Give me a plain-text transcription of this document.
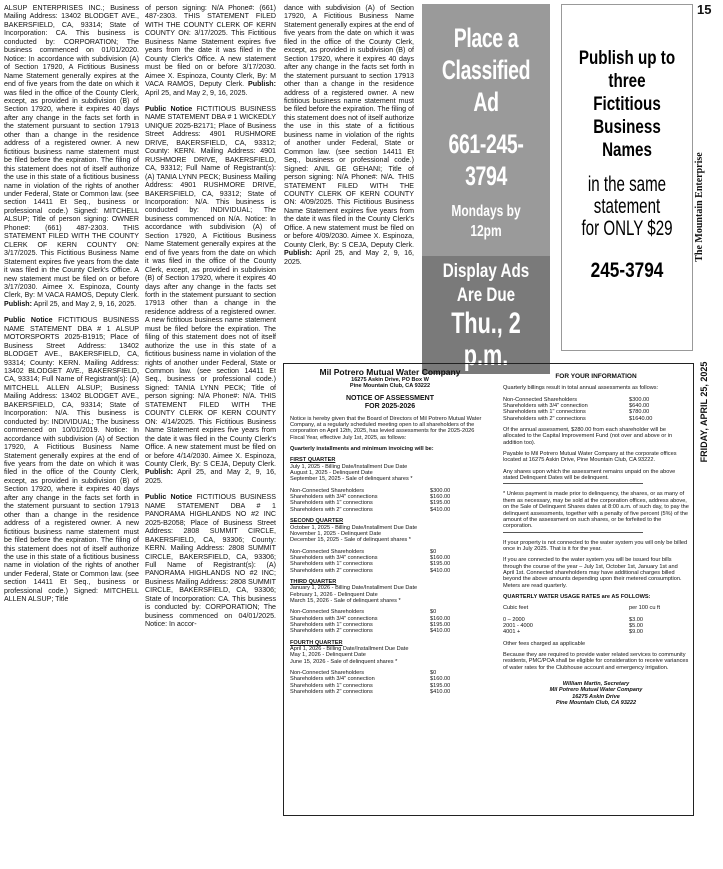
ALSUP ENTERPRISES INC.; Business Mailing Address: 13402 BLODGET AVE., BAKERSFIELD, CA, 93314; State of Incorporation: CA. This business is conducted by: CORPORATION; The business commenced on 01/01/2020. Notice: In accordance with subdivision (A) of Section 17920, A Fictitious Business Name Statement generally expires at the end of five years from the date on which it was filed in the office of the County Clerk, except, as provided in subdivision (B) of Section 17920, where it expires 40 days after any change in the facts set forth in the statement pursuant to section 17913 other than a change in the residence address of a registered owner. A new fictitious business name statement must be filed before the expiration. The filing of this statement does not of itself authorize the use in this state of a fictitious business name in violation of the rights of another under Federal, State or Common law. (see section 14411 Et Seq., business or professional code.) Signed: MITCHELL ALSUP; Title of person signing: OWNER Phone#: (661) 487-2303. THIS STATEMENT FILED WITH THE COUNTY CLERK OF KERN COUNTY ON: 3/17/2025. This Fictitious Business Name Statement expires five years from the date it was filed in the County Clerk's Office. A new statement must be filed on or before 3/17/2030. Aimee X. Espinoza, County Clerk, By: M VACA RAMOS, Deputy Clerk. Publish: April 25, and May 2, 9, 16, 2025.

Public Notice FICTITIOUS BUSINESS NAME STATEMENT DBA # 1 ALSUP MOTORSPORTS 2025-B1915; Place of Business Street Address: 13402 BLODGET AVE., BAKERSFIELD, CA, 93314; County: KERN. Mailing Address: 13402 BLODGET AVE., BAKERSFIELD, CA, 93314; Full Name of Registrant(s): (A) MITCHELL ALLEN ALSUP; Business Mailing Address: 13402 BLODGET AVE., BAKERSFIELD, CA, 93314; State of Incorporation: N/A. This business is conducted by: INDIVIDUAL; The business commenced on 10/01/2019. Notice: In accordance with subdivision (A) of Section 17920, A Fictitious Business Name Statement generally expires at the end of five years from the date on which it was filed in the office of the County Clerk, except, as provided in subdivision (B) of Section 17920, where it expires 40 days after any change in the facts set forth in the statement pursuant to section 17913 other than a change in the residence address of a registered owner. A new fictitious business name statement must be filed before the expiration. The filing of this statement does not of itself authorize the use in this state of a fictitious business name in violation of the rights of another under Federal, State or Common law. (see section 14411 Et Seq., business or professional code.) Signed: MITCHELL ALLEN ALSUP; Title

of person signing: N/A Phone#: (661) 487-2303. THIS STATEMENT FILED WITH THE COUNTY CLERK OF KERN COUNTY ON: 3/17/2025. This Fictitious Business Name Statement expires five years from the date it was filed in the County Clerk's Office. A new statement must be filed on or before 3/17/2030. Aimee X. Espinoza, County Clerk, By: M VACA RAMOS, Deputy Clerk. Publish: April 25, and May 2, 9, 16, 2025.

Public Notice FICTITIOUS BUSINESS NAME STATEMENT DBA # 1 WICKEDLY UNIQUE 2025-B2171; Place of Business Street Address: 4901 RUSHMORE DRIVE, BAKERSFIELD, CA, 93312; County: KERN. Mailing Address: 4901 RUSHMORE DRIVE, BAKERSFIELD, CA, 93312; Full Name of Registrant(s): (A) TANIA LYNN PECK; Business Mailing Address: 4901 RUSHMORE DRIVE, BAKERSFIELD, CA, 93312; State of Incorporation: N/A. This business is conducted by: INDIVIDUAL; The business commenced on N/A. Notice: In accordance with subdivision (A) of Section 17920, A Fictitious Business Name Statement generally expires at the end of five years from the date on which it was filed in the office of the County Clerk, except, as provided in subdivision (B) of Section 17920, where it expires 40 days after any change in the facts set forth in the statement pursuant to section 17913 other than a change in the residence address of a registered owner. A new fictitious business name statement must be filed before the expiration. The filing of this statement does not of itself authorize the use in this state of a fictitious business name in violation of the rights of another under Federal, State or Common law. (see section 14411 Et Seq., business or professional code.) Signed: TANIA LYNN PECK; Title of person signing: N/A Phone#: N/A. THIS STATEMENT FILED WITH THE COUNTY CLERK OF KERN COUNTY ON: 4/14/2025. This Fictitious Business Name Statement expires five years from the date it was filed in the County Clerk's Office. A new statement must be filed on or before 4/14/2030. Aimee X. Espinoza, County Clerk, By: S CEJA, Deputy Clerk. Publish: April 25, and May 2, 9, 16, 2025.

Public Notice FICTITIOUS BUSINESS NAME STATEMENT DBA # 1 PANORAMA HIGHLANDS NO #2 INC 2025-B2058; Place of Business Street Address: 2808 SUMMIT CIRCLE, BAKERSFIELD, CA, 93306; County: KERN. Mailing Address: 2808 SUMMIT CIRCLE, BAKERSFIELD, CA, 93306; Full Name of Registrant(s): (A) PANORAMA HIGHLANDS NO #2 INC; Business Mailing Address: 2808 SUMMIT CIRCLE, BAKERSFIELD, CA, 93306; State of Incorporation: CA. This business is conducted by: CORPORATION; The business commenced on 04/01/2025. Notice: In accor-

dance with subdivision (A) of Section 17920, A Fictitious Business Name Statement generally expires at the end of five years from the date on which it was filed in the office of the County Clerk, except, as provided in subdivision (B) of Section 17920, where it expires 40 days after any change in the facts set forth in the statement pursuant to section 17913 other than a change in the residence address of a registered owner. A new fictitious business name statement must be filed before the expiration. The filing of this statement does not of itself authorize the use in this state of a fictitious business name in violation of the rights of another under Federal, State or Common law. (see section 14411 Et Seq., business or professional code.) Signed: ANIL GE GEHANI; Title of person signing: N/A Phone#: N/A. THIS STATEMENT FILED WITH THE COUNTY CLERK OF KERN COUNTY ON: 4/09/2025. This Fictitious Business Name Statement expires five years from the date it was filed in the County Clerk's Office. A new statement must be filed on or before 4/09/2030. Aimee X. Espinoza, County Clerk, By: S CEJA, Deputy Clerk. Publish: April 25, and May 2, 9, 16, 2025.

Place a
Classified Ad
661-245-3794
Mondays by 12pm
Display Ads
Are Due
Thu., 2 p.m.
Publish up to
three Fictitious
Business
Names
in the same
statement
for ONLY $29
245-3794
15
The Mountain Enterprise
FRIDAY, APRIL 25, 2025
Mil Potrero Mutual Water Company
16275 Askin Drive, PO Box W
Pine Mountain Club, CA 93222
NOTICE OF ASSESSMENT
FOR 2025-2026
Notice is hereby given that the Board of Directors of Mil Potrero Mutual Water Company, at a regularly scheduled meeting open to all shareholders of the corporation on April 12th, 2025, has levied assessments for the 2025-2026 Fiscal Year, effective July 1st, 2025, as follows:
Quarterly installments and minimum invoicing will be:
FIRST QUARTER
July 1, 2025 - Billing Date/Installment Due Date
August 1, 2025 - Delinquent Date
September 15, 2025 - Sale of delinquent shares *
Non-Connected Shareholders	$300.00
Shareholders with 3/4" connections	$160.00
Shareholders with 1" connections	$195.00
Shareholders with 2" connections	$410.00
SECOND QUARTER
October 1, 2025 - Billing Date/Installment Due Date
November 1, 2025 - Delinquent Date
December 15, 2025 - Sale of delinquent shares *
Non-Connected Shareholders	$0
Shareholders with 3/4" connections	$160.00
Shareholders with 1" connections	$195.00
Shareholders with 2" connections	$410.00
THIRD QUARTER
January 1, 2026 - Billing Date/Installment Due Date
February 1, 2026 - Delinquent Date
March 15, 2026 - Sale of delinquent shares *
Non-Connected Shareholders	$0
Shareholders with 3/4" connections	$160.00
Shareholders with 1" connections	$195.00
Shareholders with 2" connections	$410.00
FOURTH QUARTER
April 1, 2026 - Billing Date/Installment Due Date
May 1, 2026 - Delinquent Date
June 15, 2026 - Sale of delinquent shares *
Non-Connected Shareholders	$0
Shareholders with 3/4" connection	$160.00
Shareholders with 1" connections	$195.00
Shareholders with 2" connections	$410.00
FOR YOUR INFORMATION
Quarterly billings result in total annual assessments as follows:
Non-Connected Shareholders	$300.00
Shareholders with 3/4" connection	$640.00
Shareholders with 1" connections	$780.00
Shareholders with 2" connections	$1640.00
Of the annual assessment, $280.00 from each shareholder will be allocated to the Capital Improvement Fund (not over and above or in addition too).
Payable to Mil Potrero Mutual Water Company at the corporate offices located at 16275 Askin Drive, Pine Mountain Club, CA 93222.
Any shares upon which the assessment remains unpaid on the above stated Delinquent Dates will be delinquent.
* Unless payment is made prior to delinquency, the shares, or as many of them as necessary, may be sold at the corporation offices, address above, on the Sale of Delinquent Shares dates at 8:00 a.m. of such day, to pay the delinquent assessments, together with a penalty of five percent (5%) of the amount of the assessment on such shares, or be forfeited to the corporation.
If your property is not connected to the water system you will only be billed once in July 2025. That is it for the year.
If you are connected to the water system you will be issued four bills through the course of the year – July 1st, October 1st, January 1st and April 1st. Connected shareholders may have additional charges billed beyond the above amounts depending upon their metered consumption. Meters are read quarterly.
QUARTERLY WATER USAGE RATES are AS FOLLOWS:
Cubic feet	per 100 cu ft
0 – 2000	$3.00
2001 - 4000	$5.00
4001 +	$9.00
Other fees charged as applicable
Because they are required to provide water related services to community residents, PMC/POA shall be eligible for consideration to receive variances of water rates for the Clubhouse account and emergency irrigation.
William Martin, Secretary
Mil Potrero Mutual Water Company
16275 Askin Drive
Pine Mountain Club, CA 93222
